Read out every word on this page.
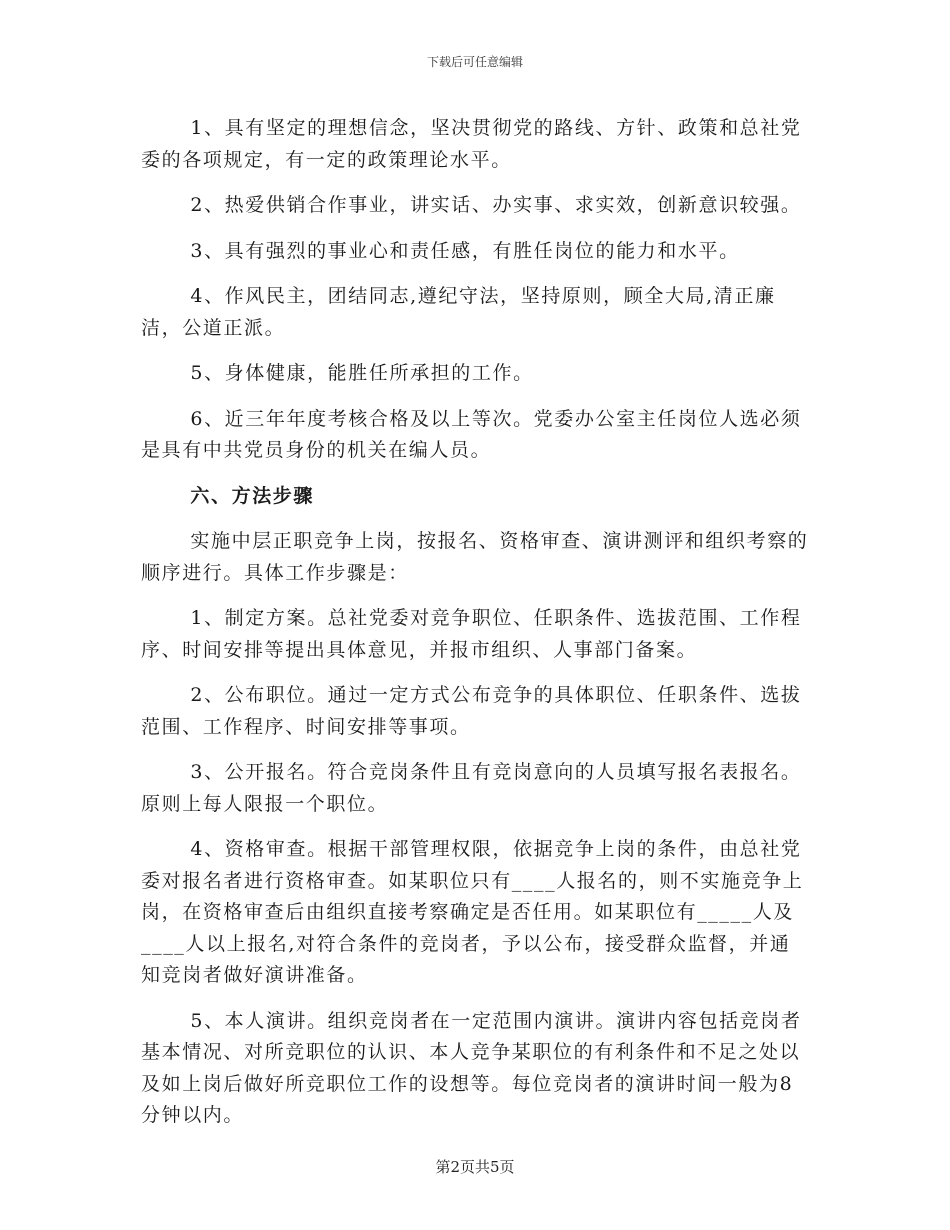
下载后可任意编辑

1、具有坚定的理想信念，坚决贯彻党的路线、方针、政策和总社党委的各项规定，有一定的政策理论水平。

2、热爱供销合作事业，讲实话、办实事、求实效，创新意识较强。

3、具有强烈的事业心和责任感，有胜任岗位的能力和水平。

4、作风民主，团结同志,遵纪守法，坚持原则，顾全大局,清正廉洁，公道正派。

5、身体健康，能胜任所承担的工作。

6、近三年年度考核合格及以上等次。党委办公室主任岗位人选必须是具有中共党员身份的机关在编人员。

六、方法步骤

实施中层正职竞争上岗，按报名、资格审查、演讲测评和组织考察的顺序进行。具体工作步骤是：

1、制定方案。总社党委对竞争职位、任职条件、选拔范围、工作程序、时间安排等提出具体意见，并报市组织、人事部门备案。

2、公布职位。通过一定方式公布竞争的具体职位、任职条件、选拔范围、工作程序、时间安排等事项。

3、公开报名。符合竞岗条件且有竞岗意向的人员填写报名表报名。原则上每人限报一个职位。

4、资格审查。根据干部管理权限，依据竞争上岗的条件，由总社党委对报名者进行资格审查。如某职位只有____人报名的，则不实施竞争上岗，在资格审查后由组织直接考察确定是否任用。如某职位有_____人及____人以上报名,对符合条件的竞岗者，予以公布，接受群众监督，并通知竞岗者做好演讲准备。

5、本人演讲。组织竞岗者在一定范围内演讲。演讲内容包括竞岗者基本情况、对所竞职位的认识、本人竞争某职位的有利条件和不足之处以及如上岗后做好所竞职位工作的设想等。每位竞岗者的演讲时间一般为8分钟以内。

第2页共5页
